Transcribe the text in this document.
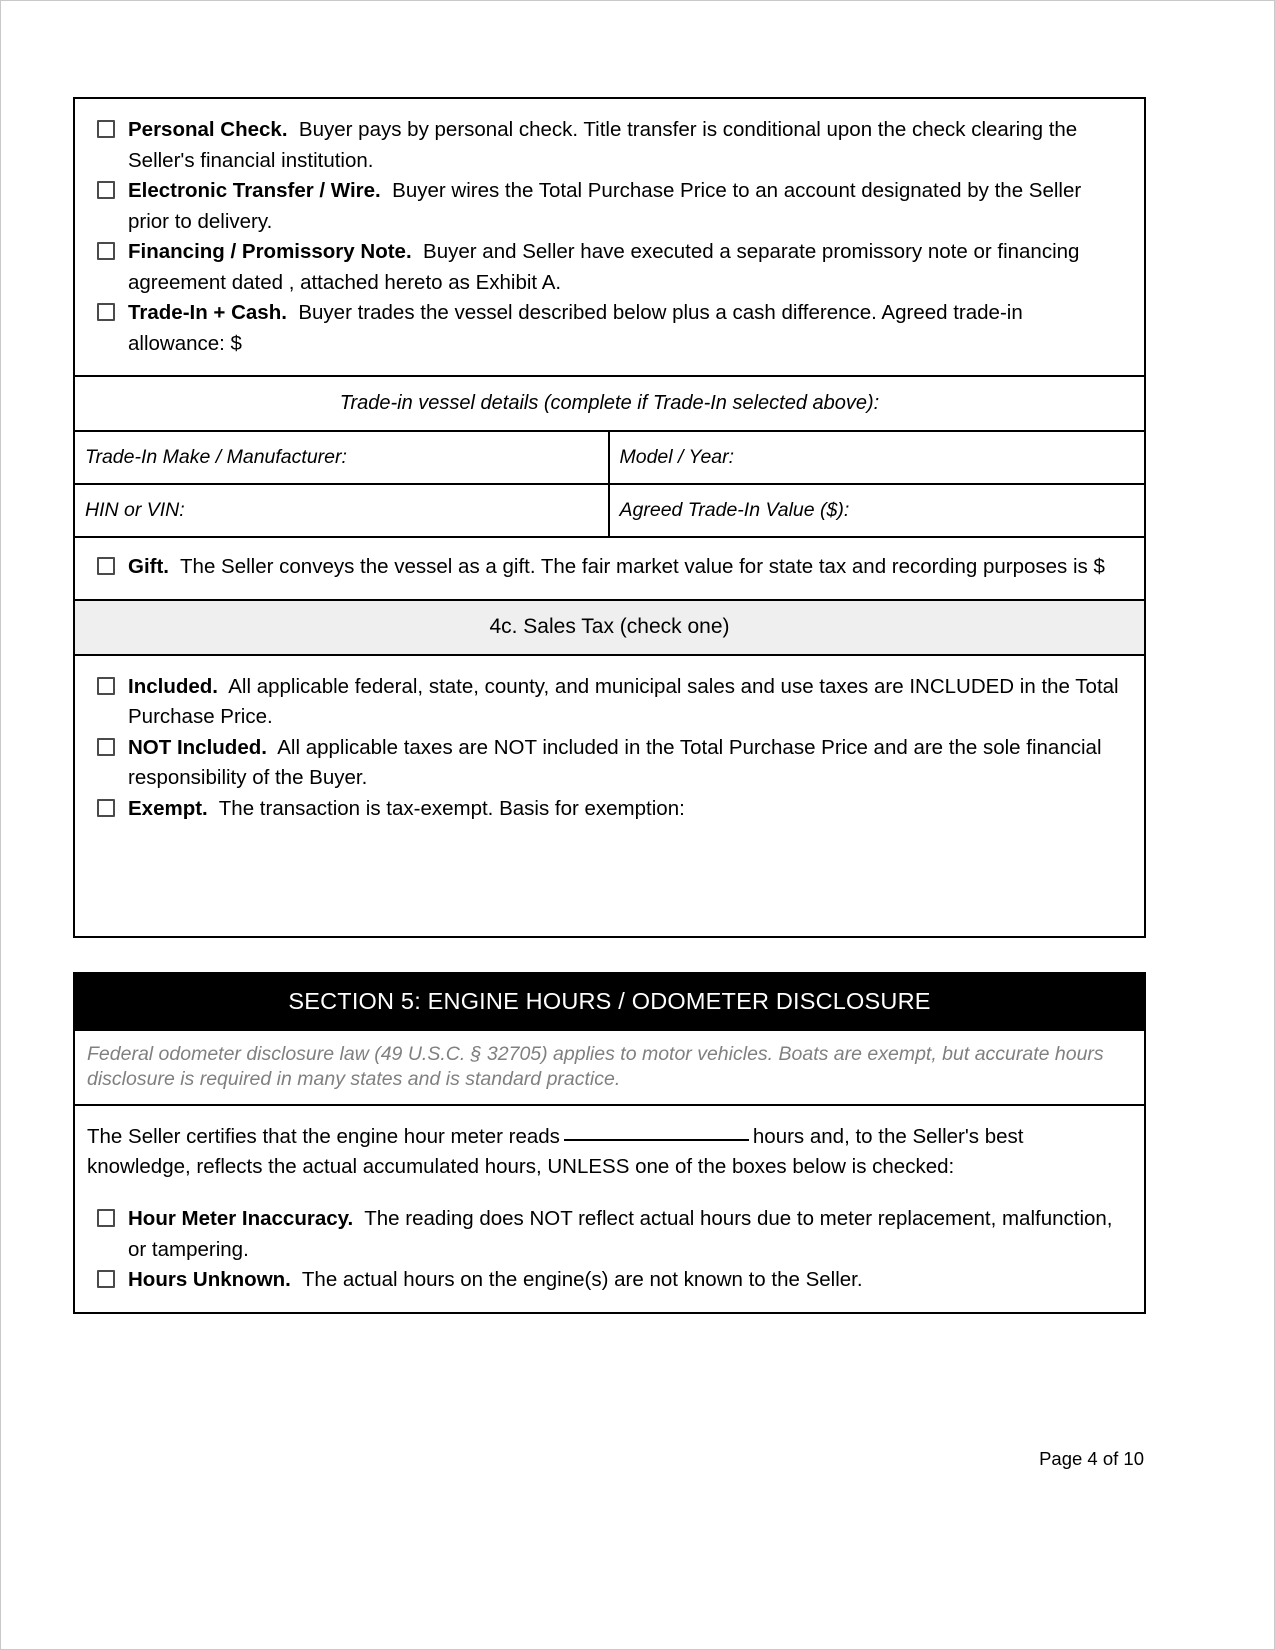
Personal Check. Buyer pays by personal check. Title transfer is conditional upon the check clearing the Seller's financial institution.
Electronic Transfer / Wire. Buyer wires the Total Purchase Price to an account designated by the Seller prior to delivery.
Financing / Promissory Note. Buyer and Seller have executed a separate promissory note or financing agreement dated , attached hereto as Exhibit A.
Trade-In + Cash. Buyer trades the vessel described below plus a cash difference. Agreed trade-in allowance: $
Trade-in vessel details (complete if Trade-In selected above):
Trade-In Make / Manufacturer:	Model / Year:
HIN or VIN:	Agreed Trade-In Value ($):
Gift. The Seller conveys the vessel as a gift. The fair market value for state tax and recording purposes is $
4c. Sales Tax (check one)
Included. All applicable federal, state, county, and municipal sales and use taxes are INCLUDED in the Total Purchase Price.
NOT Included. All applicable taxes are NOT included in the Total Purchase Price and are the sole financial responsibility of the Buyer.
Exempt. The transaction is tax-exempt. Basis for exemption:
SECTION 5: ENGINE HOURS / ODOMETER DISCLOSURE
Federal odometer disclosure law (49 U.S.C. § 32705) applies to motor vehicles. Boats are exempt, but accurate hours disclosure is required in many states and is standard practice.
The Seller certifies that the engine hour meter reads	hours and, to the Seller's best knowledge, reflects the actual accumulated hours, UNLESS one of the boxes below is checked:
Hour Meter Inaccuracy. The reading does NOT reflect actual hours due to meter replacement, malfunction, or tampering.
Hours Unknown. The actual hours on the engine(s) are not known to the Seller.
Page 4 of 10
